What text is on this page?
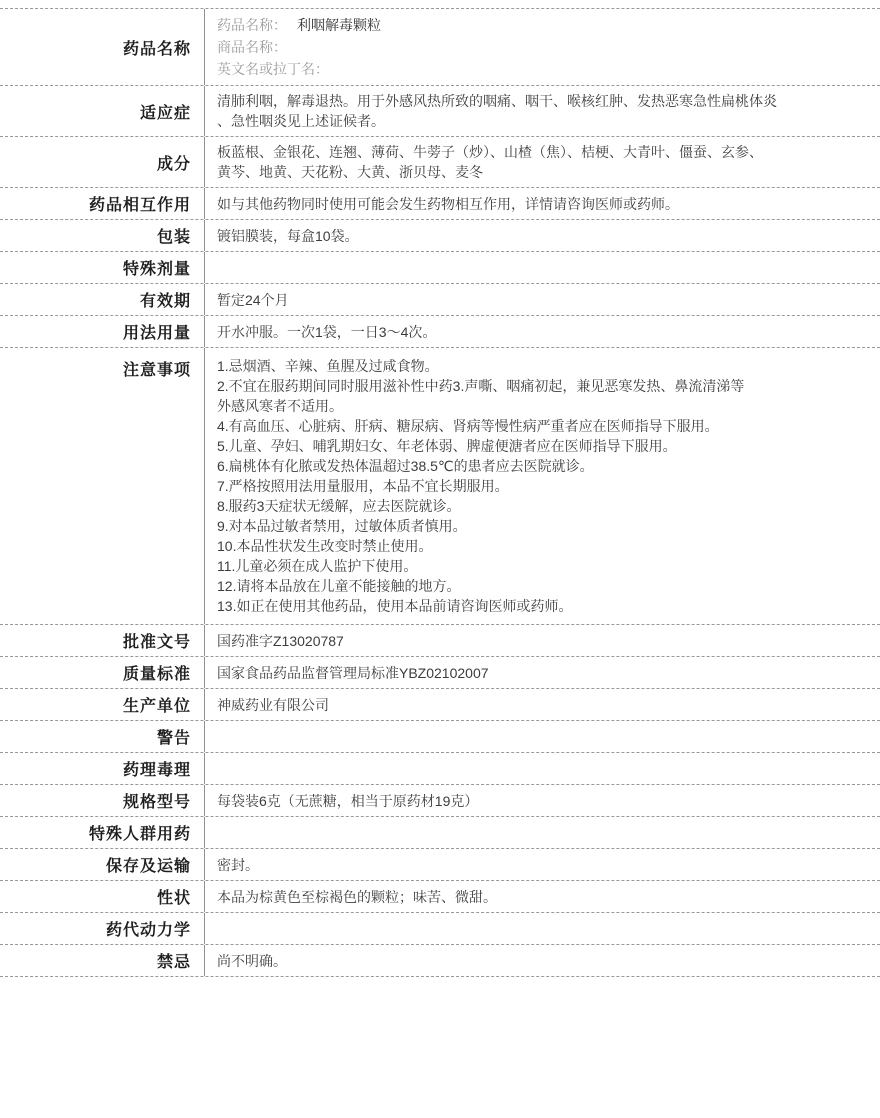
药品名称
药品名称： 利咽解毒颗粒
商品名称：
英文名或拉丁名：
适应症
清肺利咽，解毒退热。用于外感风热所致的咽痛、咽干、喉核红肿、发热恶寒急性扁桃体炎
、急性咽炎见上述证候者。
成分
板蓝根、金银花、连翘、薄荷、牛蒡子（炒）、山楂（焦）、桔梗、大青叶、僵蚕、玄参、
黄芩、地黄、天花粉、大黄、浙贝母、麦冬
药品相互作用 如与其他药物同时使用可能会发生药物相互作用，详情请咨询医师或药师。
包装 镀铝膜装，每盒10袋。
特殊剂量
有效期 暂定24个月
用法用量 开水冲服。一次1袋，一日3～4次。
注意事项 1.忌烟酒、辛辣、鱼腥及过咸食物。
2.不宜在服药期间同时服用滋补性中药3.声嘶、咽痛初起，兼见恶寒发热、鼻流清涕等
外感风寒者不适用。
4.有高血压、心脏病、肝病、糖尿病、肾病等慢性病严重者应在医师指导下服用。
5.儿童、孕妇、哺乳期妇女、年老体弱、脾虚便溏者应在医师指导下服用。
6.扁桃体有化脓或发热体温超过38.5℃的患者应去医院就诊。
7.严格按照用法用量服用，本品不宜长期服用。
8.服药3天症状无缓解，应去医院就诊。
9.对本品过敏者禁用，过敏体质者慎用。
10.本品性状发生改变时禁止使用。
11.儿童必须在成人监护下使用。
12.请将本品放在儿童不能接触的地方。
13.如正在使用其他药品，使用本品前请咨询医师或药师。
批准文号 国药准字Z13020787
质量标准 国家食品药品监督管理局标准YBZ02102007
生产单位 神威药业有限公司
警告
药理毒理
规格型号 每袋装6克（无蔗糖，相当于原药材19克）
特殊人群用药
保存及运输 密封。
性状 本品为棕黄色至棕褐色的颗粒；味苦、微甜。
药代动力学
禁忌 尚不明确。
